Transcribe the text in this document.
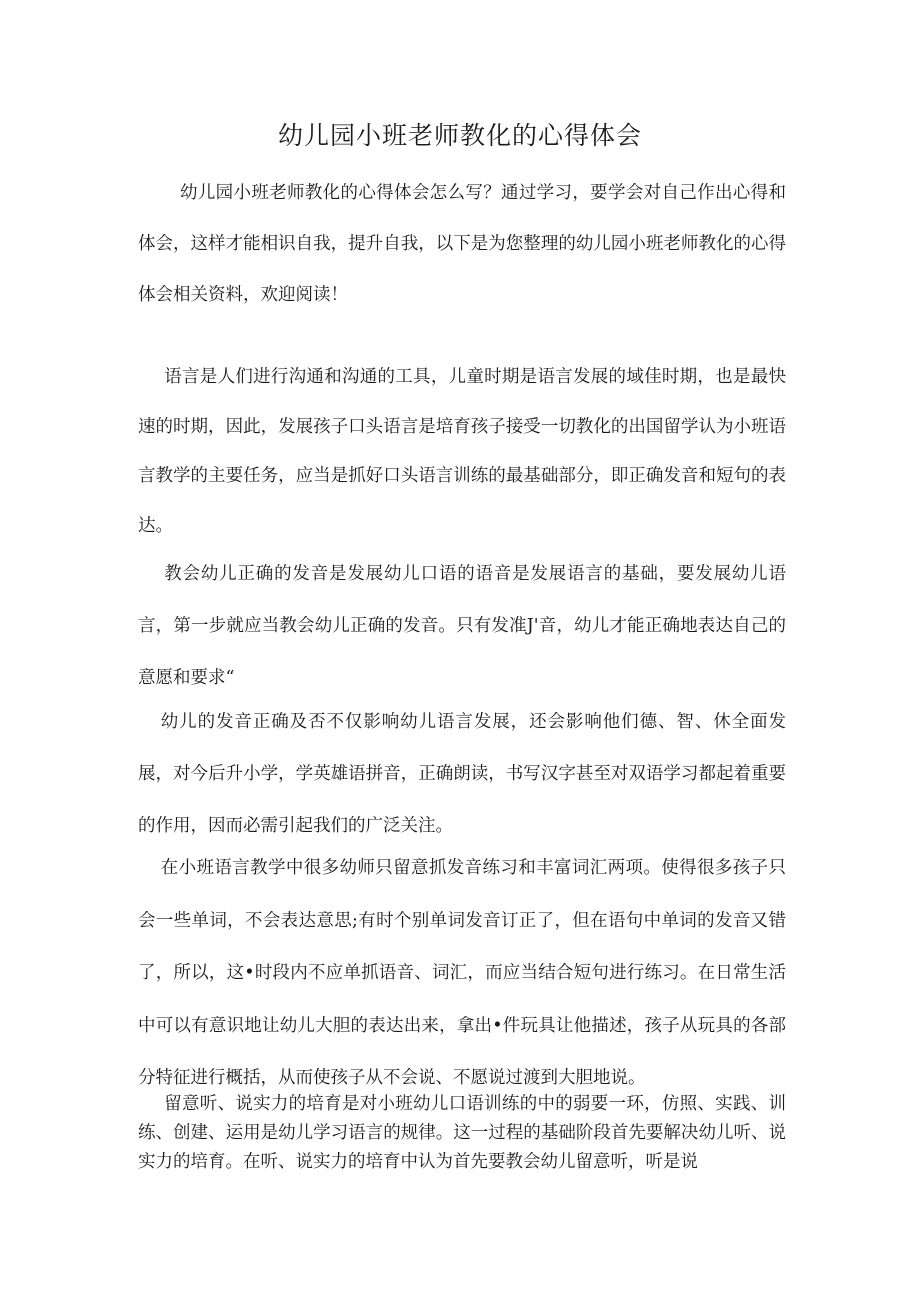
幼儿园小班老师教化的心得体会

幼儿园小班老师教化的心得体会怎么写？通过学习，要学会对自己作出心得和体会，这样才能相识自我，提升自我，以下是为您整理的幼儿园小班老师教化的心得体会相关资料，欢迎阅读！

语言是人们进行沟通和沟通的工具，儿童时期是语言发展的域佳时期，也是最快速的时期，因此，发展孩子口头语言是培育孩子接受一切教化的出国留学认为小班语言教学的主要任务，应当是抓好口头语言训练的最基础部分，即正确发音和短句的表达。

教会幼儿正确的发音是发展幼儿口语的语音是发展语言的基础，要发展幼儿语言，第一步就应当教会幼儿正确的发音。只有发准J'音，幼儿才能正确地表达自己的意愿和要求“

幼儿的发音正确及否不仅影响幼儿语言发展，还会影响他们德、智、休全面发展，对今后升小学，学英雄语拼音，正确朗读，书写汉字甚至对双语学习都起着重要的作用，因而必需引起我们的广泛关注。

在小班语言教学中很多幼师只留意抓发音练习和丰富词汇两项。使得很多孩子只会一些单词，不会表达意思;有时个别单词发音订正了，但在语句中单词的发音又错了，所以，这•时段内不应单抓语音、词汇，而应当结合短句进行练习。在日常生活中可以有意识地让幼儿大胆的表达出来，拿出•件玩具让他描述，孩子从玩具的各部分特征进行概括，从而使孩子从不会说、不愿说过渡到大胆地说。

留意听、说实力的培育是对小班幼儿口语训练的中的弱要一环，仿照、实践、训练、创建、运用是幼儿学习语言的规律。这一过程的基础阶段首先要解决幼儿听、说实力的培育。在听、说实力的培育中认为首先要教会幼儿留意听，听是说
